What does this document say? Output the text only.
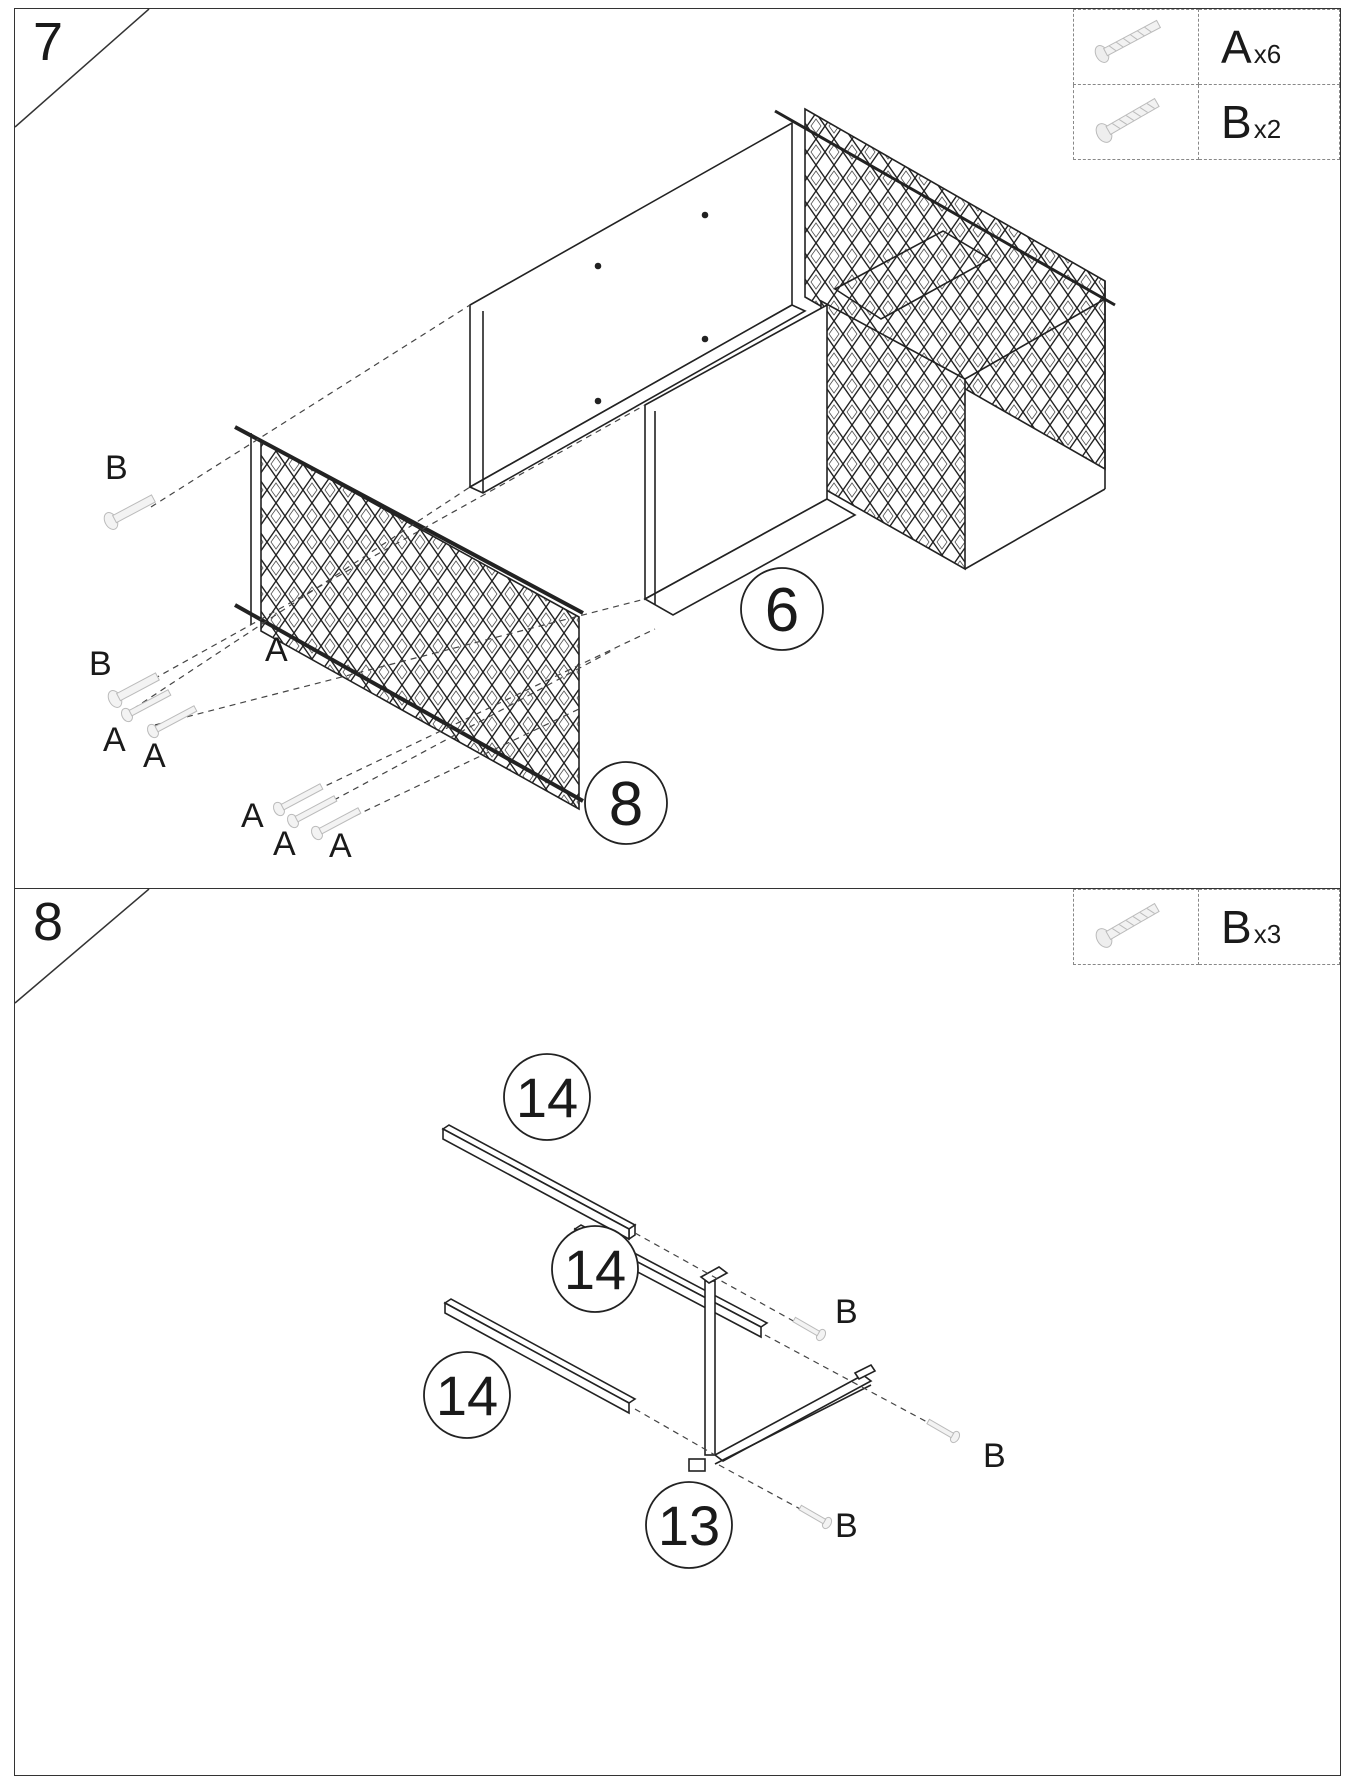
7
		Ax6
	Bx2
6
8
B
B	A
A A
A
A A
8
		Bx3
14
14
14
13
B
B
B
